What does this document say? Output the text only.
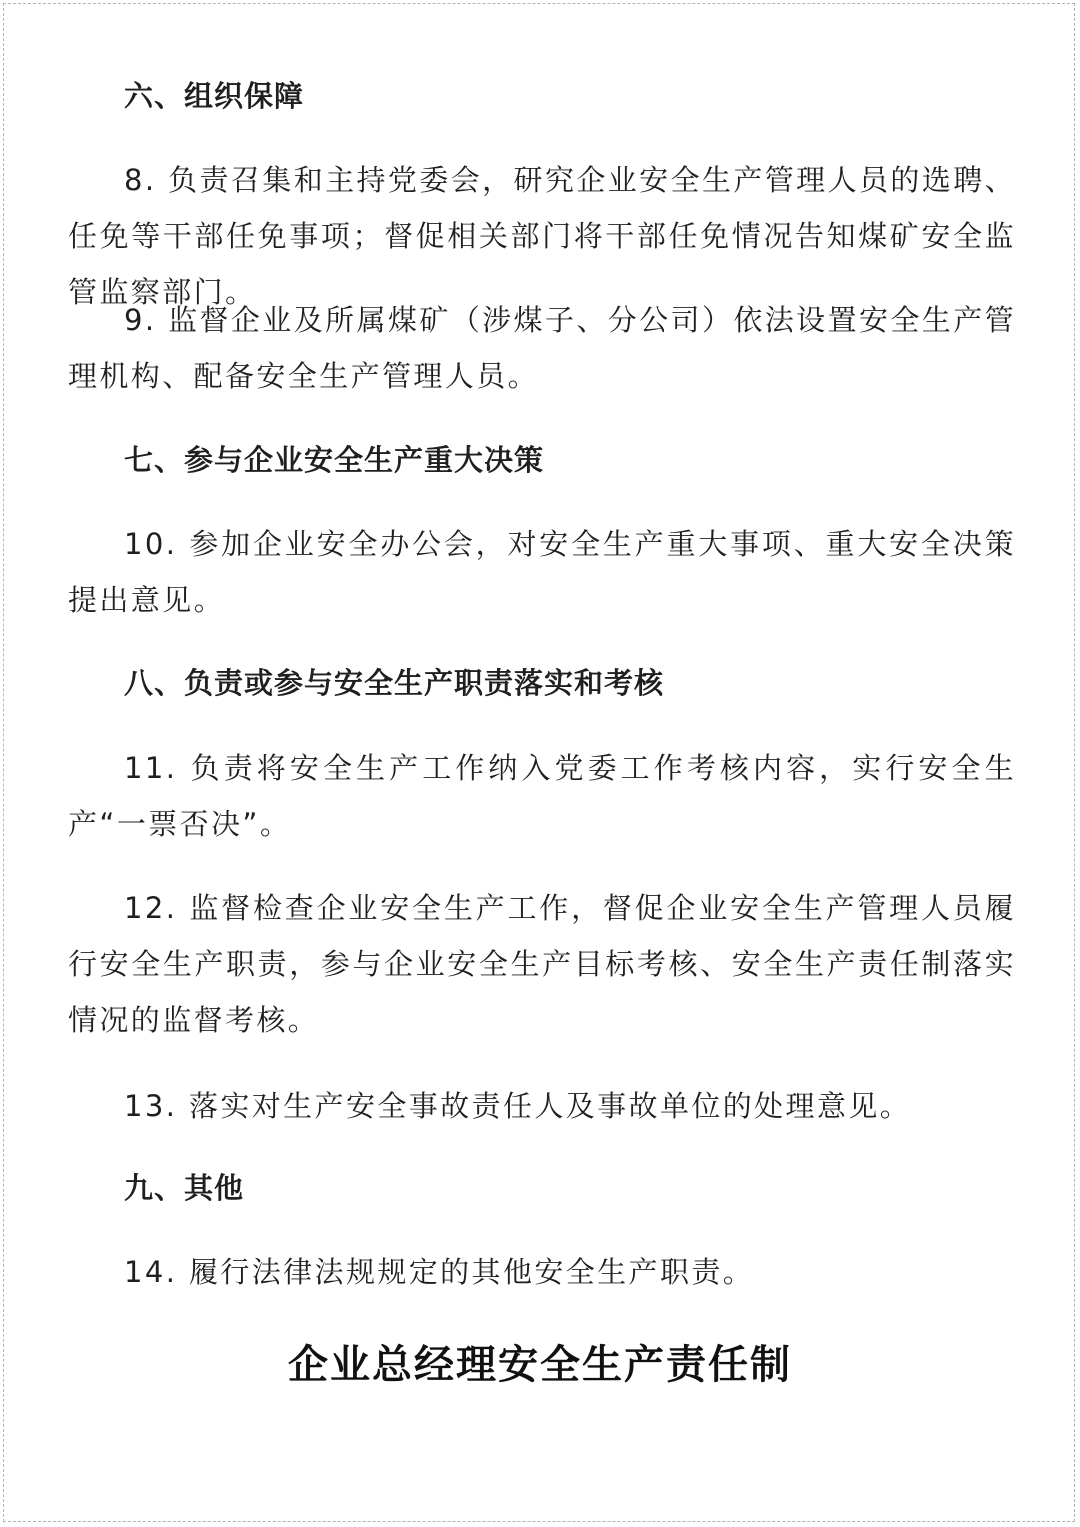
六、组织保障
8. 负责召集和主持党委会，研究企业安全生产管理人员的选聘、任免等干部任免事项；督促相关部门将干部任免情况告知煤矿安全监管监察部门。
9. 监督企业及所属煤矿（涉煤子、分公司）依法设置安全生产管理机构、配备安全生产管理人员。
七、参与企业安全生产重大决策
10. 参加企业安全办公会，对安全生产重大事项、重大安全决策提出意见。
八、负责或参与安全生产职责落实和考核
11. 负责将安全生产工作纳入党委工作考核内容，实行安全生产“一票否决”。
12. 监督检查企业安全生产工作，督促企业安全生产管理人员履行安全生产职责，参与企业安全生产目标考核、安全生产责任制落实情况的监督考核。
13. 落实对生产安全事故责任人及事故单位的处理意见。
九、其他
14. 履行法律法规规定的其他安全生产职责。
企业总经理安全生产责任制
